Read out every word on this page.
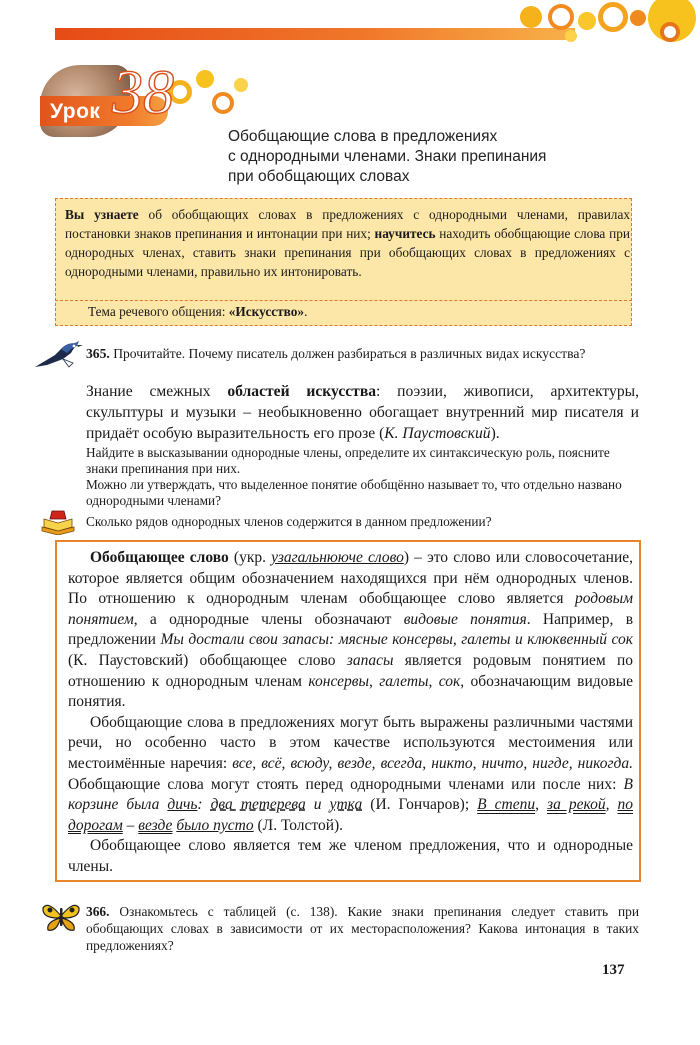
Урок 38
Обобщающие слова в предложениях
с однородными членами. Знаки препинания
при обобщающих словах
Вы узнаете об обобщающих словах в предложениях с однородными членами, правилах постановки знаков препинания и интонации при них; научитесь находить обобщающие слова при однородных членах, ставить знаки препинания при обобщающих словах в предложениях с однородными членами, правильно их интонировать.
Тема речевого общения: «Искусство».
365. Прочитайте. Почему писатель должен разбираться в различных видах искусства?
Знание смежных областей искусства: поэзии, живописи, архитектуры, скульптуры и музыки – необыкновенно обогащает внутренний мир писателя и придаёт особую выразительность его прозе (К. Паустовский).
Найдите в высказывании однородные члены, определите их синтаксическую роль, поясните знаки препинания при них.
Можно ли утверждать, что выделенное понятие обобщённо называет то, что отдельно названо однородными членами?
Сколько рядов однородных членов содержится в данном предложении?

Обобщающее слово (укр. узагальнююче слово) – это слово или словосочетание, которое является общим обозначением находящихся при нём однородных членов. По отношению к однородным членам обобщающее слово является родовым понятием, а однородные члены обозначают видовые понятия. Например, в предложении Мы достали свои запасы: мясные консервы, галеты и клюквенный сок (К. Паустовский) обобщающее слово запасы является родовым понятием по отношению к однородным членам консервы, галеты, сок, обозначающим видовые понятия.

Обобщающие слова в предложениях могут быть выражены различными частями речи, но особенно часто в этом качестве используются местоимения или местоимённые наречия: все, всё, всюду, везде, всегда, никто, ничто, нигде, никогда. Обобщающие слова могут стоять перед однородными членами или после них: В корзине была дичь: два тетерева и утка (И. Гончаров); В степи, за рекой, по дорогам – везде было пусто (Л. Толстой).

Обобщающее слово является тем же членом предложения, что и однородные члены.

366. Ознакомьтесь с таблицей (с. 138). Какие знаки препинания следует ставить при обобщающих словах в зависимости от их месторасположения? Какова интонация в таких предложениях?
137
